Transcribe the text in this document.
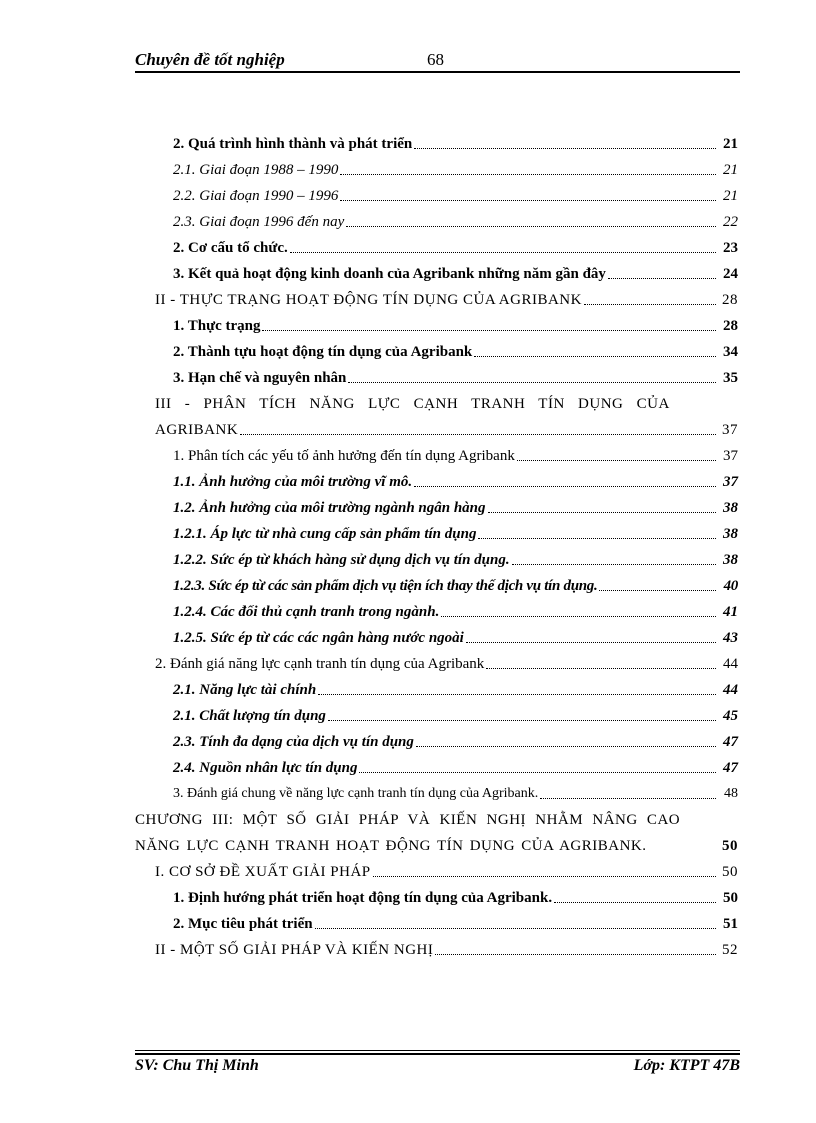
Chuyên đề tốt nghiệp	68
2. Quá trình hình thành và phát triển	21
2.1. Giai đoạn 1988 – 1990	21
2.2. Giai đoạn 1990 – 1996	21
2.3. Giai đoạn 1996 đến nay	22
2. Cơ cấu tổ chức.	23
3. Kết quả hoạt động kinh doanh của Agribank những năm gần đây	24
II - THỰC TRẠNG HOẠT ĐỘNG TÍN DỤNG CỦA AGRIBANK	28
1. Thực trạng	28
2. Thành tựu hoạt động tín dụng của Agribank	34
3. Hạn chế và nguyên nhân	35
III - PHÂN TÍCH NĂNG LỰC CẠNH TRANH TÍN DỤNG CỦA
AGRIBANK	37
1. Phân tích các yếu tố ảnh hưởng đến tín dụng Agribank	37
1.1. Ảnh hưởng của môi trường vĩ mô.	37
1.2. Ảnh hưởng của môi trường ngành ngân hàng	38
1.2.1. Áp lực từ nhà cung cấp sản phẩm tín dụng	38
1.2.2. Sức ép từ khách hàng sử dụng dịch vụ tín dụng.	38
1.2.3. Sức ép từ các sản phẩm dịch vụ tiện ích thay thế dịch vụ tín dụng.	40
1.2.4. Các đối thủ cạnh tranh trong ngành.	41
1.2.5. Sức ép từ các các ngân hàng nước ngoài	43
2. Đánh giá năng lực cạnh tranh tín dụng của Agribank	44
2.1. Năng lực tài chính	44
2.1. Chất lượng tín dụng	45
2.3. Tính đa dạng của dịch vụ tín dụng	47
2.4. Nguồn nhân lực tín dụng	47
3. Đánh giá chung về năng lực cạnh tranh tín dụng của Agribank.	48
CHƯƠNG III: MỘT SỐ GIẢI PHÁP VÀ KIẾN NGHỊ NHẰM NÂNG CAO
NĂNG LỰC CẠNH TRANH HOẠT ĐỘNG TÍN DỤNG CỦA AGRIBANK.	50
I. CƠ SỞ ĐỀ XUẤT GIẢI PHÁP	50
1. Định hướng phát triển hoạt động tín dụng của Agribank.	50
2. Mục tiêu phát triển	51
II - MỘT SỐ GIẢI PHÁP VÀ KIẾN NGHỊ	52
SV: Chu Thị Minh	Lớp: KTPT 47B
